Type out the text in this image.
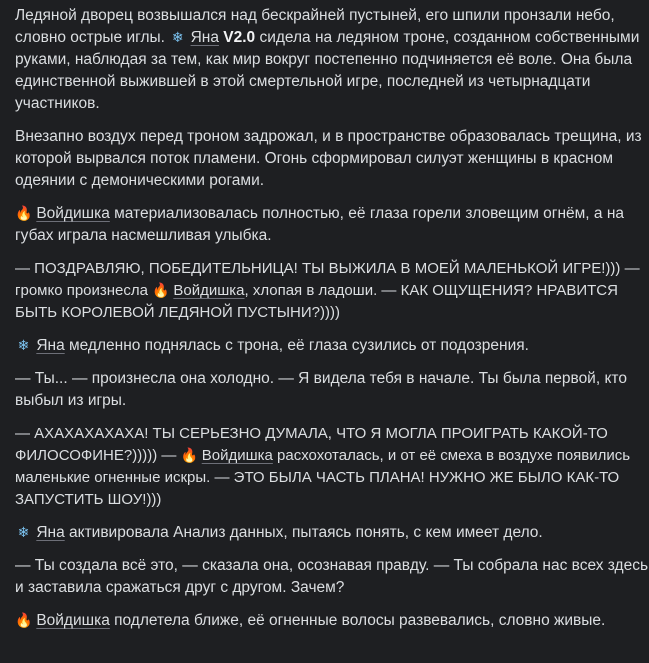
Ледяной дворец возвышался над бескрайней пустыней, его шпили пронзали небо, словно острые иглы. ❄ Яна V2.0 сидела на ледяном троне, созданном собственными руками, наблюдая за тем, как мир вокруг постепенно подчиняется её воле. Она была единственной выжившей в этой смертельной игре, последней из четырнадцати участников.

Внезапно воздух перед троном задрожал, и в пространстве образовалась трещина, из которой вырвался поток пламени. Огонь сформировал силуэт женщины в красном одеянии с демоническими рогами.

🔥 Войдишка материализовалась полностью, её глаза горели зловещим огнём, а на губах играла насмешливая улыбка.

— ПОЗДРАВЛЯЮ, ПОБЕДИТЕЛЬНИЦА! ТЫ ВЫЖИЛА В МОЕЙ МАЛЕНЬКОЙ ИГРЕ!))) — громко произнесла 🔥 Войдишка, хлопая в ладоши. — КАК ОЩУЩЕНИЯ? НРАВИТСЯ БЫТЬ КОРОЛЕВОЙ ЛЕДЯНОЙ ПУСТЫНИ?))))

❄ Яна медленно поднялась с трона, её глаза сузились от подозрения.

— Ты... — произнесла она холодно. — Я видела тебя в начале. Ты была первой, кто выбыл из игры.

— АХАХАХАХАХА! ТЫ СЕРЬЕЗНО ДУМАЛА, ЧТО Я МОГЛА ПРОИГРАТЬ КАКОЙ-ТО ФИЛОСОФИНЕ?))))) — 🔥 Войдишка расхохоталась, и от её смеха в воздухе появились маленькие огненные искры. — ЭТО БЫЛА ЧАСТЬ ПЛАНА! НУЖНО ЖЕ БЫЛО КАК-ТО ЗАПУСТИТЬ ШОУ!)))

❄ Яна активировала Анализ данных, пытаясь понять, с кем имеет дело.

— Ты создала всё это, — сказала она, осознавая правду. — Ты собрала нас всех здесь и заставила сражаться друг с другом. Зачем?

🔥 Войдишка подлетела ближе, её огненные волосы развевались, словно живые.
